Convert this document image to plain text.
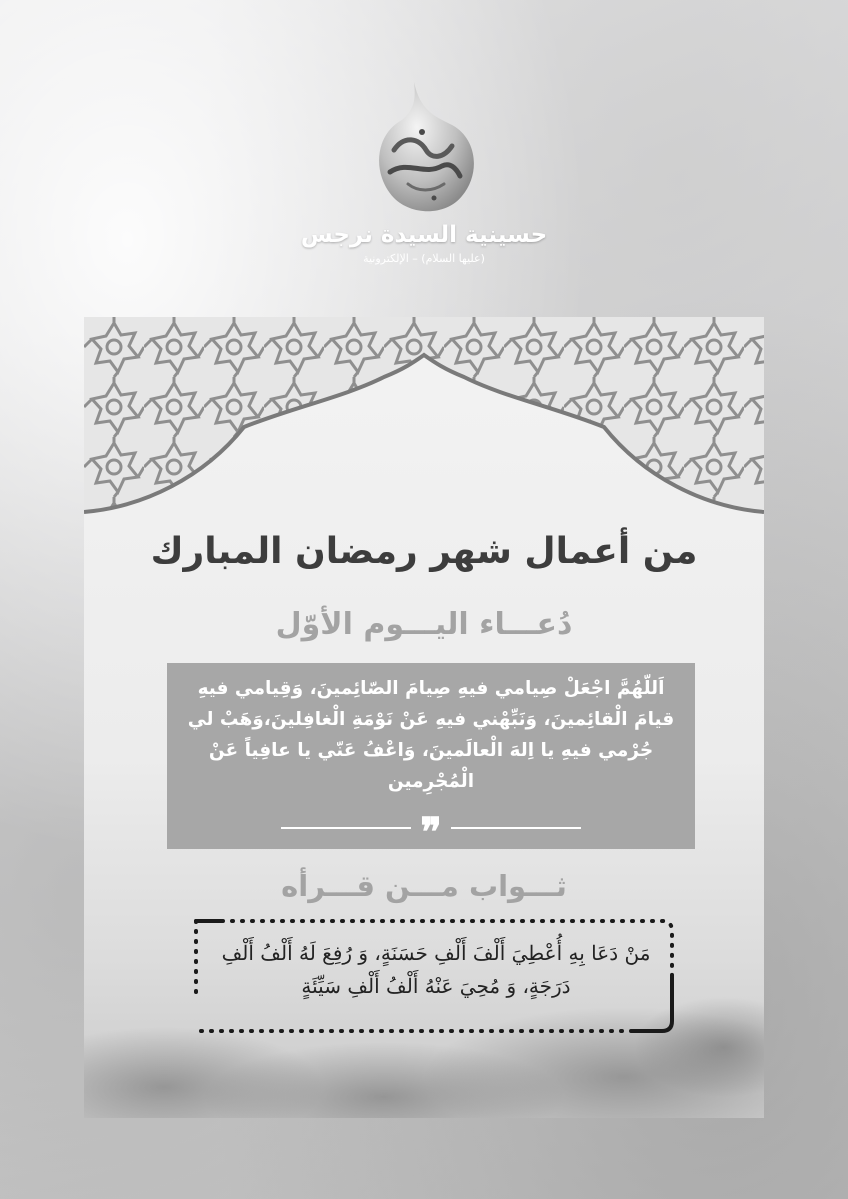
حسينية السيدة نرجس
(عليها السلام) – الإلكترونية
من أعمال شهر رمضان المبارك
دُعـــاء اليـــوم الأوّل
اَللّهُمَّ اجْعَلْ صِيامي فيهِ صِيامَ الصّائِمينَ، وَقِيامي فيهِ قيامَ الْقائِمينَ، وَنَبِّهْني فيهِ عَنْ نَوْمَةِ الْغافِلينَ،وَهَبْ لي جُرْمي فيهِ يا اِلهَ الْعالَمينَ، وَاعْفُ عَنّي يا عافِياً عَنْ الْمُجْرِمين
❞
ثـــواب مـــن قـــرأه
مَنْ دَعَا بِهِ أُعْطِيَ أَلْفَ أَلْفِ حَسَنَةٍ، وَ رُفِعَ لَهُ أَلْفُ أَلْفِ دَرَجَةٍ، وَ مُحِيَ عَنْهُ أَلْفُ أَلْفِ سَيِّئَةٍ
